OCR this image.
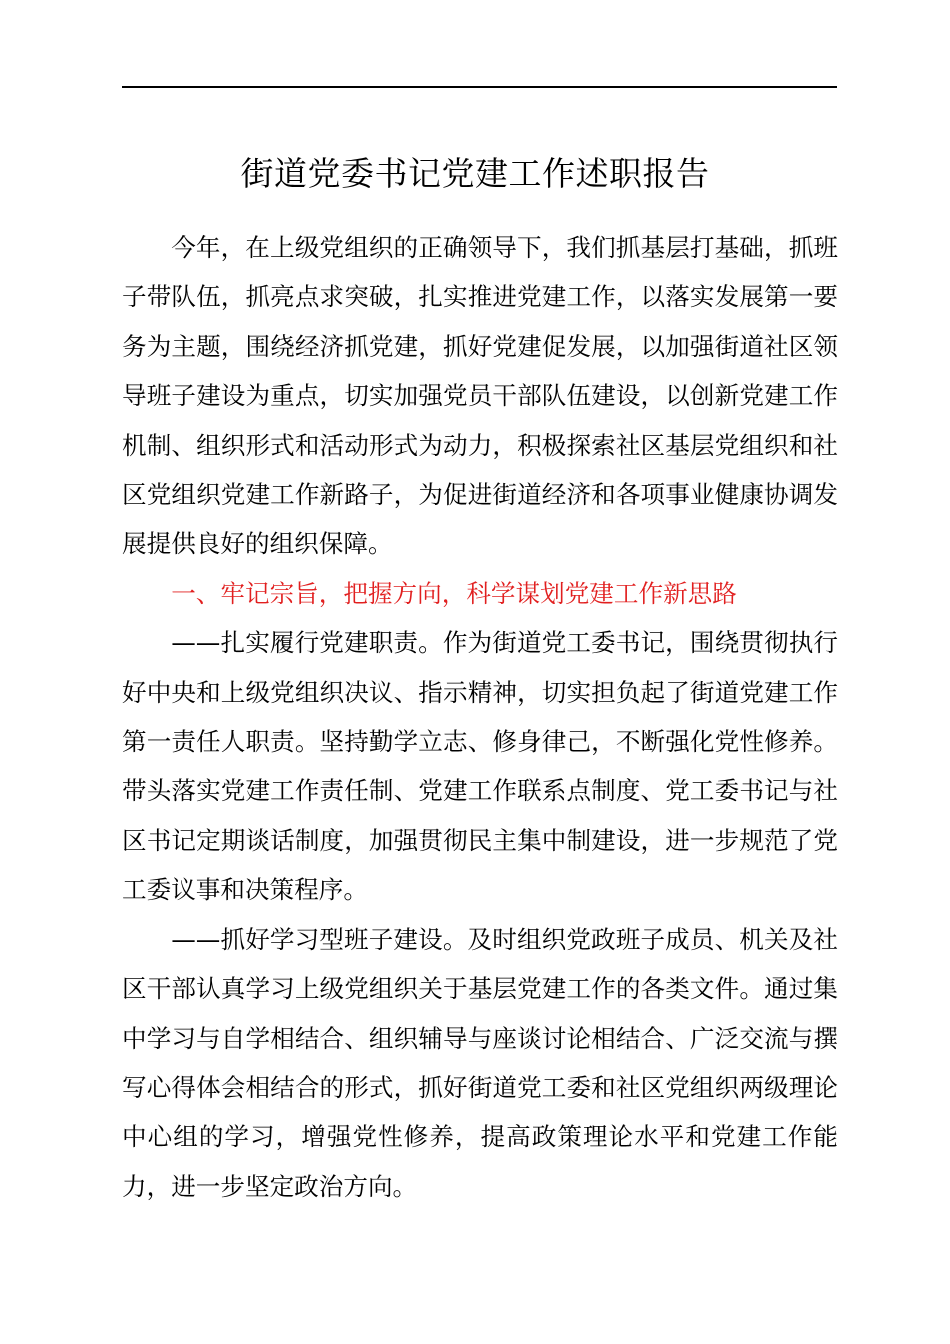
街道党委书记党建工作述职报告

今年，在上级党组织的正确领导下，我们抓基层打基础，抓班子带队伍，抓亮点求突破，扎实推进党建工作，以落实发展第一要务为主题，围绕经济抓党建，抓好党建促发展，以加强街道社区领导班子建设为重点，切实加强党员干部队伍建设，以创新党建工作机制、组织形式和活动形式为动力，积极探索社区基层党组织和社区党组织党建工作新路子，为促进街道经济和各项事业健康协调发展提供良好的组织保障。

一、牢记宗旨，把握方向，科学谋划党建工作新思路

——扎实履行党建职责。作为街道党工委书记，围绕贯彻执行好中央和上级党组织决议、指示精神，切实担负起了街道党建工作第一责任人职责。坚持勤学立志、修身律己，不断强化党性修养。带头落实党建工作责任制、党建工作联系点制度、党工委书记与社区书记定期谈话制度，加强贯彻民主集中制建设，进一步规范了党工委议事和决策程序。

——抓好学习型班子建设。及时组织党政班子成员、机关及社区干部认真学习上级党组织关于基层党建工作的各类文件。通过集中学习与自学相结合、组织辅导与座谈讨论相结合、广泛交流与撰写心得体会相结合的形式，抓好街道党工委和社区党组织两级理论中心组的学习，增强党性修养，提高政策理论水平和党建工作能力，进一步坚定政治方向。
